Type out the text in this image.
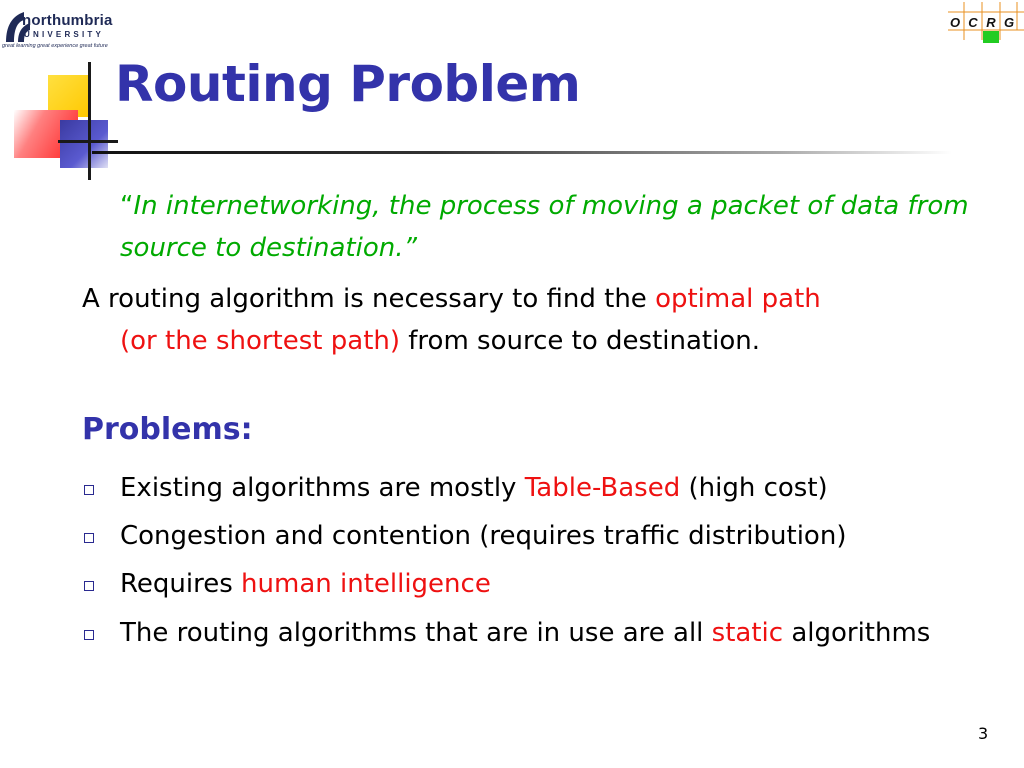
northumbria
UNIVERSITY
great learning great experience great future
O C R G
Routing Problem
“In internetworking, the process of moving a packet of data from source to destination.”
A routing algorithm is necessary to find the optimal path
(or the shortest path) from source to destination.
Problems:
Existing algorithms are mostly Table-Based (high cost)
Congestion and contention (requires traffic distribution)
Requires human intelligence
The routing algorithms that are in use are all static algorithms
3
